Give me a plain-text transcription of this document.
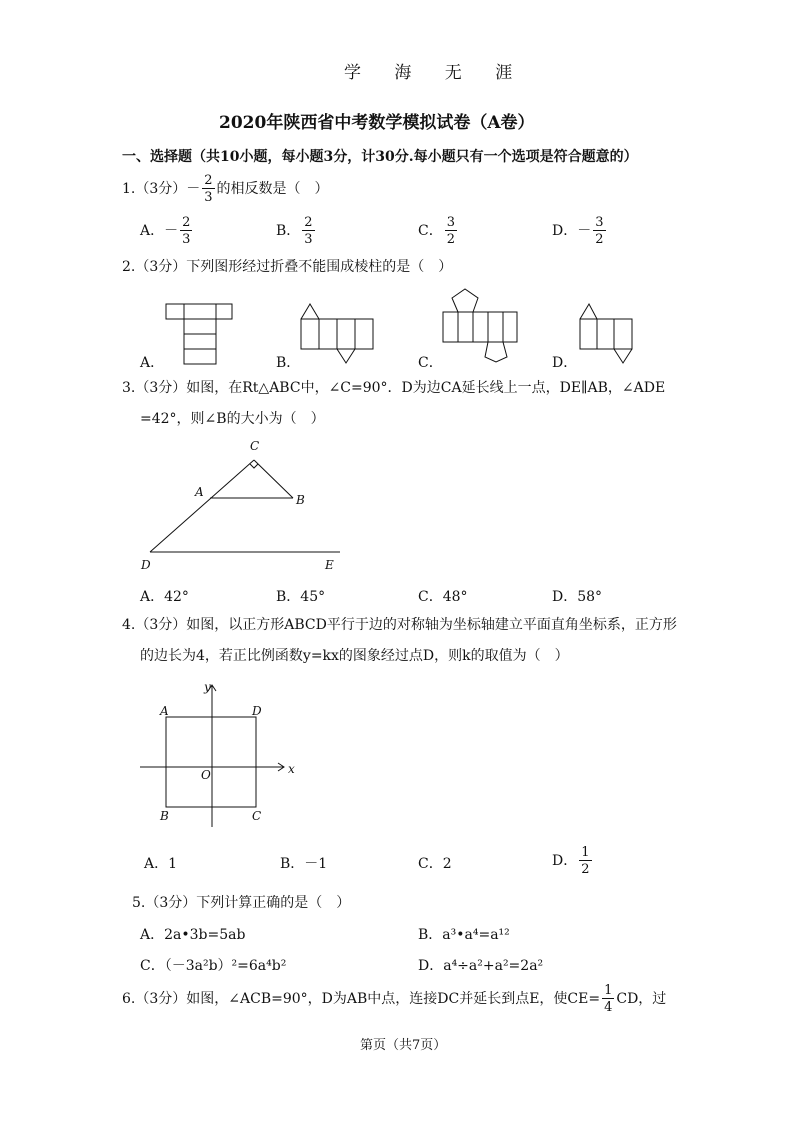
学 海 无 涯
2020年陕西省中考数学模拟试卷（A卷）
一、选择题（共10小题，每小题3分，计30分.每小题只有一个选项是符合题意的）
1.（3分）－ $\frac{2}{3}$ 的相反数是（　）
A．－ $\frac{2}{3}$	B． $\frac{2}{3}$	C． $\frac{3}{2}$	D．－ $\frac{3}{2}$
2.（3分）下列图形经过折叠不能围成棱柱的是（　）
A．	B．	C．	D．
3.（3分）如图，在Rt△ABC中，∠C=90°．D为边CA延长线上一点，DE∥AB，∠ADE
=42°，则∠B的大小为（　）
C
A
B
D	E
A．42°	B．45°	C．48°	D．58°
4.（3分）如图，以正方形ABCD平行于边的对称轴为坐标轴建立平面直角坐标系，正方形
的边长为4，若正比例函数y=kx的图象经过点D，则k的取值为（　）
y
x
O
A	D
B	C
A．1	B．－1	C．2	D． $\frac{1}{2}$
5.（3分）下列计算正确的是（　）
A．2a•3b=5ab	B．a³•a⁴=a¹²
C．（－3a²b）²=6a⁴b²	D．a⁴÷a²+a²=2a²
6.（3分）如图，∠ACB=90°，D为AB中点，连接DC并延长到点E，使$CE= \frac{1}{4}$ CD，过
第页（共7页）
